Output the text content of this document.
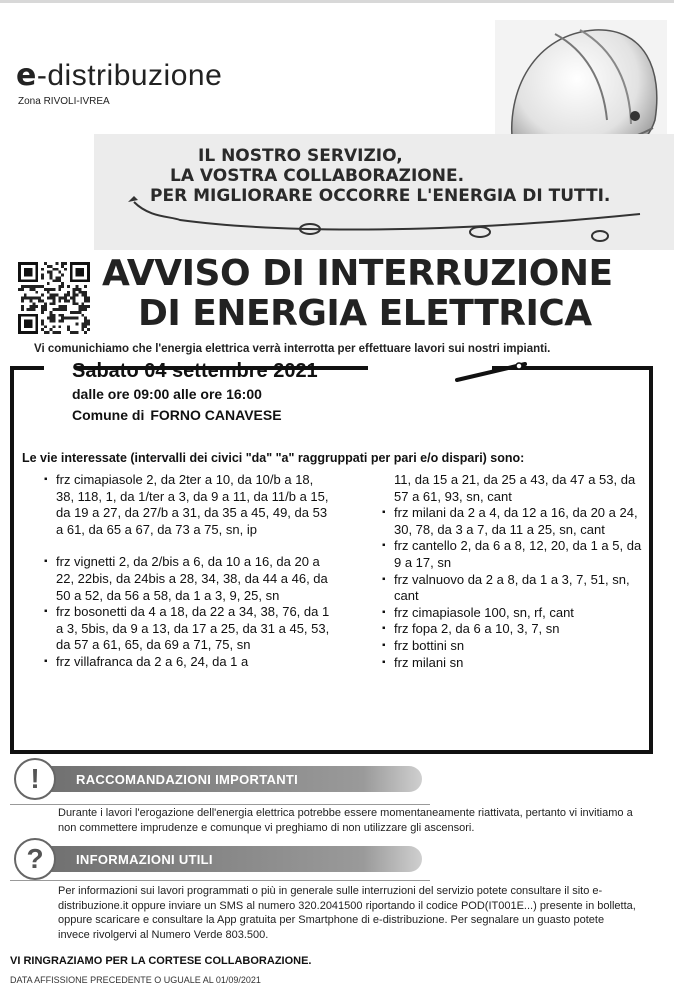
e-distribuzione
Zona RIVOLI-IVREA
IL NOSTRO SERVIZIO,
LA VOSTRA COLLABORAZIONE.
PER MIGLIORARE OCCORRE L'ENERGIA DI TUTTI.
AVVISO DI INTERRUZIONE
DI ENERGIA ELETTRICA
Vi comunichiamo che l'energia elettrica verrà interrotta per effettuare lavori sui nostri impianti.
Sabato 04 settembre 2021
dalle ore 09:00 alle ore 16:00
Comune di FORNO CANAVESE
Le vie interessate (intervalli dei civici "da" "a" raggruppati per pari e/o dispari) sono:

▪ frz cimapiasole 2, da 2ter a 10, da 10/b a 18, 38, 118, 1, da 1/ter a 3, da 9 a 11, da 11/b a 15, da 19 a 27, da 27/b a 31, da 35 a 45, 49, da 53 a 61, da 65 a 67, da 73 a 75, sn, ip

▪ frz vignetti 2, da 2/bis a 6, da 10 a 16, da 20 a 22, 22bis, da 24bis a 28, 34, 38, da 44 a 46, da 50 a 52, da 56 a 58, da 1 a 3, 9, 25, sn

▪ frz bosonetti da 4 a 18, da 22 a 34, 38, 76, da 1 a 3, 5bis, da 9 a 13, da 17 a 25, da 31 a 45, 53, da 57 a 61, 65, da 69 a 71, 75, sn

▪ frz villafranca da 2 a 6, 24, da 1 a

11, da 15 a 21, da 25 a 43, da 47 a 53, da 57 a 61, 93, sn, cant

▪ frz milani da 2 a 4, da 12 a 16, da 20 a 24, 30, 78, da 3 a 7, da 11 a 25, sn, cant

▪ frz cantello 2, da 6 a 8, 12, 20, da 1 a 5, da 9 a 17, sn

▪ frz valnuovo da 2 a 8, da 1 a 3, 7, 51, sn, cant

▪ frz cimapiasole 100, sn, rf, cant

▪ frz fopa 2, da 6 a 10, 3, 7, sn

▪ frz bottini sn

▪ frz milani sn

RACCOMANDAZIONI IMPORTANTI
!
Durante i lavori l'erogazione dell'energia elettrica potrebbe essere momentaneamente riattivata, pertanto vi invitiamo a non commettere imprudenze e comunque vi preghiamo di non utilizzare gli ascensori.
INFORMAZIONI UTILI
?
Per informazioni sui lavori programmati o più in generale sulle interruzioni del servizio potete consultare il sito e-distribuzione.it oppure inviare un SMS al numero 320.2041500 riportando il codice POD(IT001E...) presente in bolletta, oppure scaricare e consultare la App gratuita per Smartphone di e-distribuzione. Per segnalare un guasto potete invece rivolgervi al Numero Verde 803.500.
VI RINGRAZIAMO PER LA CORTESE COLLABORAZIONE.
DATA AFFISSIONE PRECEDENTE O UGUALE AL 01/09/2021
